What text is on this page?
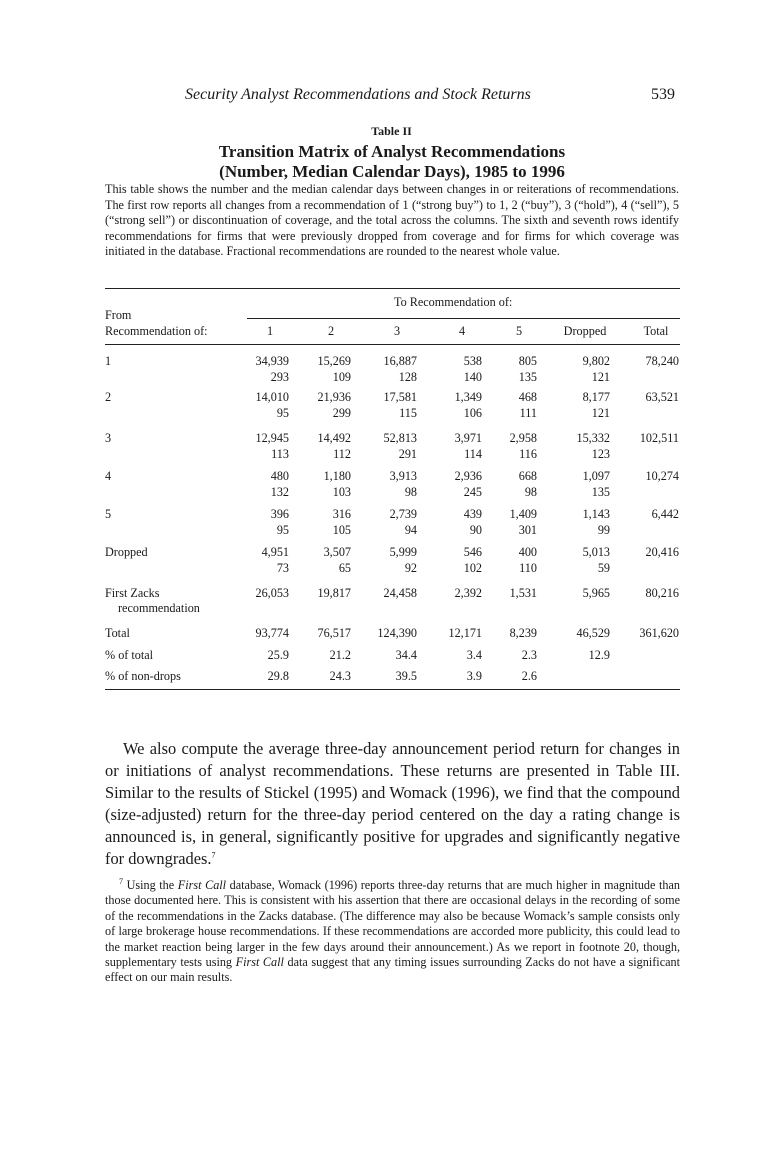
Security Analyst Recommendations and Stock Returns	539
Table II
Transition Matrix of Analyst Recommendations
(Number, Median Calendar Days), 1985 to 1996
This table shows the number and the median calendar days between changes in or reiterations of recommendations. The first row reports all changes from a recommendation of 1 (“strong buy”) to 1, 2 (“buy”), 3 (“hold”), 4 (“sell”), 5 (“strong sell”) or discontinuation of coverage, and the total across the columns. The sixth and seventh rows identify recommendations for firms that were previously dropped from coverage and for firms for which coverage was initiated in the database. Fractional recommendations are rounded to the nearest whole value.
To Recommendation of:
From
Recommendation of:	1	2	3	4	5	Dropped	Total
1	34,939	15,269	16,887	538	805	9,802	78,240
293	109	128	140	135	121
2	14,010	21,936	17,581	1,349	468	8,177	63,521
95	299	115	106	111	121
3	12,945	14,492	52,813	3,971	2,958	15,332	102,511
113	112	291	114	116	123
4	480	1,180	3,913	2,936	668	1,097	10,274
132	103	98	245	98	135
5	396	316	2,739	439	1,409	1,143	6,442
95	105	94	90	301	99
Dropped	4,951	3,507	5,999	546	400	5,013	20,416
73	65	92	102	110	59
First Zacks
recommendation
26,053	19,817	24,458	2,392	1,531	5,965	80,216
Total	93,774	76,517	124,390	12,171	8,239	46,529	361,620
% of total	25.9	21.2	34.4	3.4	2.3	12.9
% of non-drops	29.8	24.3	39.5	3.9	2.6
We also compute the average three-day announcement period return for changes in or initiations of analyst recommendations. These returns are presented in Table III. Similar to the results of Stickel (1995) and Womack (1996), we find that the compound (size-adjusted) return for the three-day period centered on the day a rating change is announced is, in general, significantly positive for upgrades and significantly negative for downgrades.$^7$
$^7$ Using the First Call database, Womack (1996) reports three-day returns that are much higher in magnitude than those documented here. This is consistent with his assertion that there are occasional delays in the recording of some of the recommendations in the Zacks database. (The difference may also be because Womack’s sample consists only of large brokerage house recommendations. If these recommendations are accorded more publicity, this could lead to the market reaction being larger in the few days around their announcement.) As we report in footnote 20, though, supplementary tests using First Call data suggest that any timing issues surrounding Zacks do not have a significant effect on our main results.
